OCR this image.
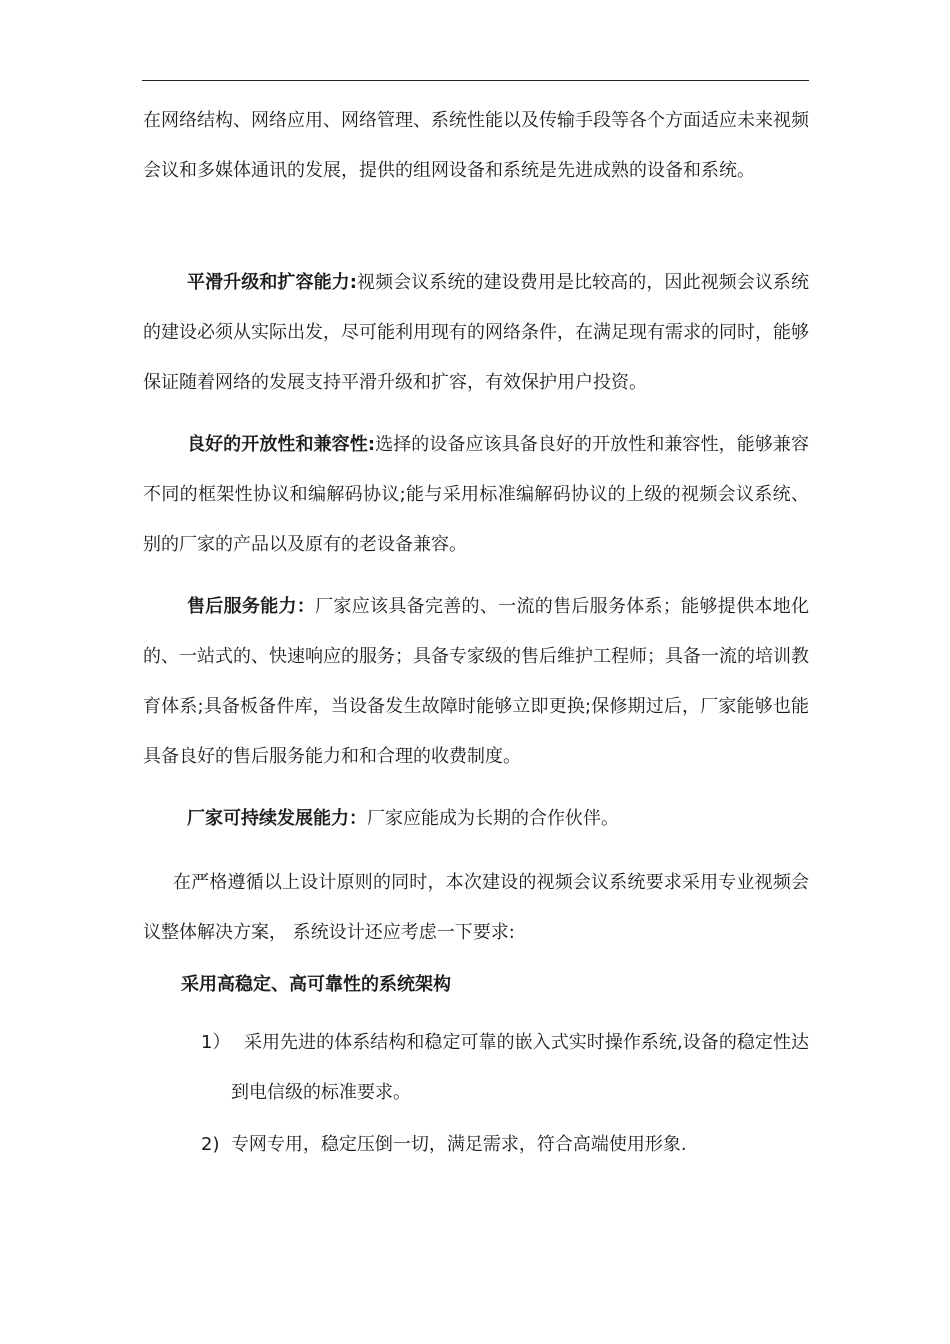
在网络结构、网络应用、网络管理、系统性能以及传输手段等各个方面适应未来视频会议和多媒体通讯的发展，提供的组网设备和系统是先进成熟的设备和系统。
平滑升级和扩容能力:视频会议系统的建设费用是比较高的，因此视频会议系统的建设必须从实际出发，尽可能利用现有的网络条件，在满足现有需求的同时，能够保证随着网络的发展支持平滑升级和扩容，有效保护用户投资。
良好的开放性和兼容性:选择的设备应该具备良好的开放性和兼容性，能够兼容不同的框架性协议和编解码协议;能与采用标准编解码协议的上级的视频会议系统、别的厂家的产品以及原有的老设备兼容。
售后服务能力：厂家应该具备完善的、一流的售后服务体系；能够提供本地化的、一站式的、快速响应的服务；具备专家级的售后维护工程师；具备一流的培训教育体系;具备板备件库，当设备发生故障时能够立即更换;保修期过后，厂家能够也能具备良好的售后服务能力和和合理的收费制度。
厂家可持续发展能力：厂家应能成为长期的合作伙伴。
在严格遵循以上设计原则的同时，本次建设的视频会议系统要求采用专业视频会议整体解决方案， 系统设计还应考虑一下要求:
采用高稳定、高可靠性的系统架构
1） 采用先进的体系结构和稳定可靠的嵌入式实时操作系统,设备的稳定性达到电信级的标准要求。
2) 专网专用，稳定压倒一切，满足需求，符合高端使用形象.
